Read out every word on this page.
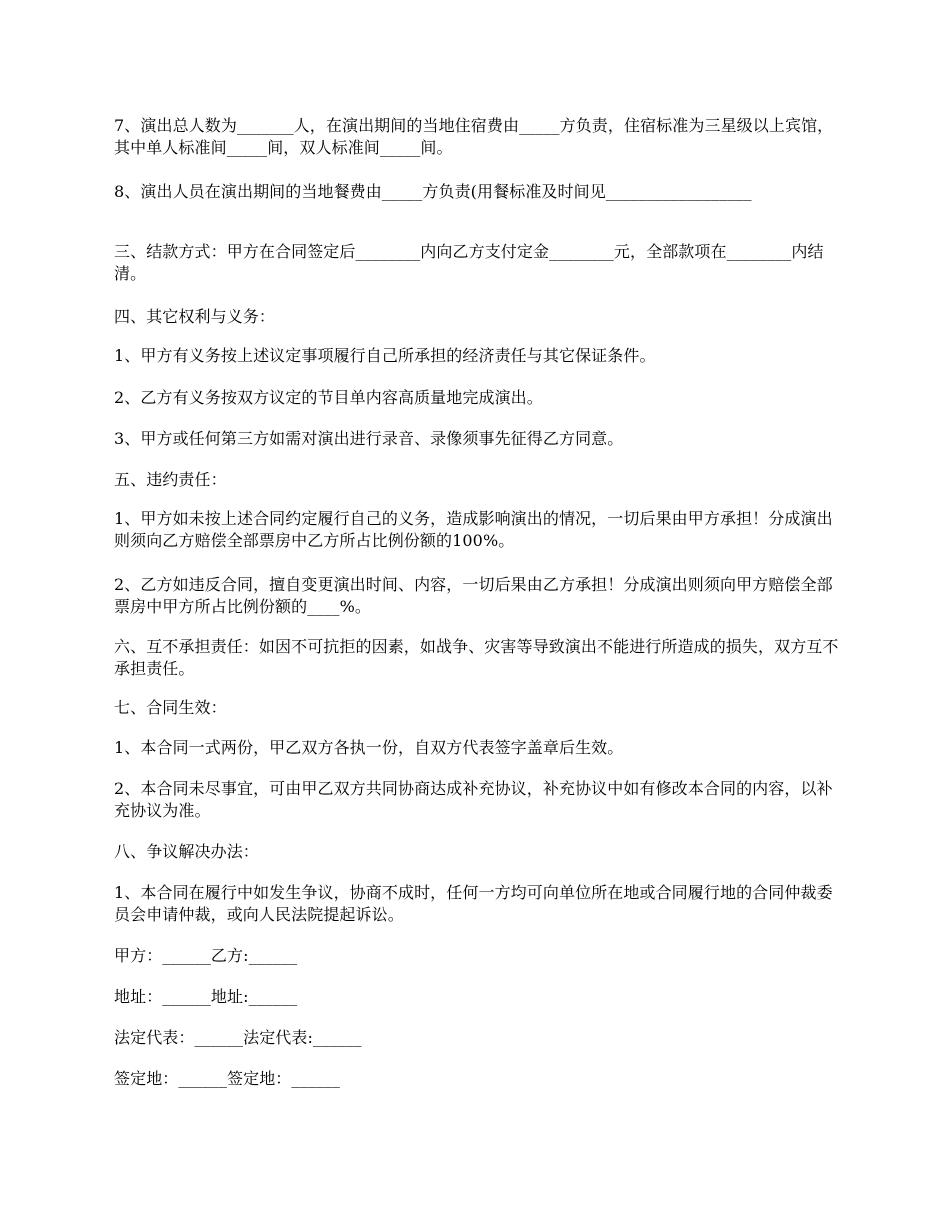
7、演出总人数为_______人，在演出期间的当地住宿费由_____方负责，住宿标准为三星级以上宾馆，其中单人标准间_____间，双人标准间_____间。

8、演出人员在演出期间的当地餐费由_____方负责(用餐标准及时间见__________________

三、结款方式：甲方在合同签定后________内向乙方支付定金________元，全部款项在________内结清。

四、其它权利与义务：

1、甲方有义务按上述议定事项履行自己所承担的经济责任与其它保证条件。

2、乙方有义务按双方议定的节目单内容高质量地完成演出。

3、甲方或任何第三方如需对演出进行录音、录像须事先征得乙方同意。

五、违约责任：

1、甲方如未按上述合同约定履行自己的义务，造成影响演出的情况，一切后果由甲方承担！分成演出则须向乙方赔偿全部票房中乙方所占比例份额的100%。

2、乙方如违反合同，擅自变更演出时间、内容，一切后果由乙方承担！分成演出则须向甲方赔偿全部票房中甲方所占比例份额的____%。

六、互不承担责任：如因不可抗拒的因素，如战争、灾害等导致演出不能进行所造成的损失，双方互不承担责任。

七、合同生效：

1、本合同一式两份，甲乙双方各执一份，自双方代表签字盖章后生效。

2、本合同未尽事宜，可由甲乙双方共同协商达成补充协议，补充协议中如有修改本合同的内容，以补充协议为准。

八、争议解决办法：

1、本合同在履行中如发生争议，协商不成时，任何一方均可向单位所在地或合同履行地的合同仲裁委员会申请仲裁，或向人民法院提起诉讼。

甲方：______乙方:______

地址：______地址:______

法定代表：______法定代表:______

签定地：______签定地：______
